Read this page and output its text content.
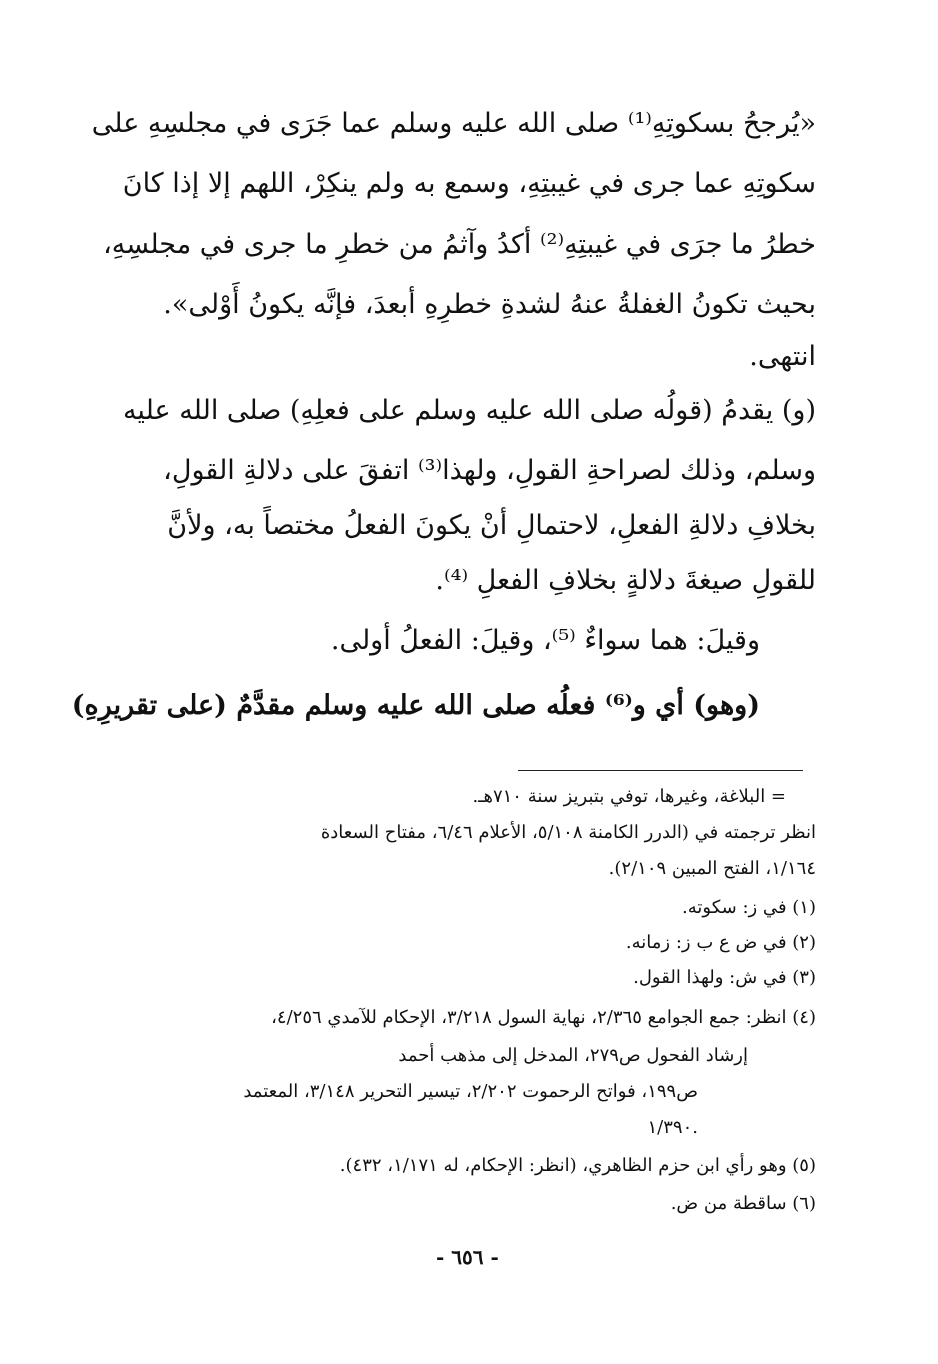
«يُرجحُ بسكوتِهِ⁽¹⁾ صلى الله عليه وسلم عما جَرَى في مجلسِهِ على
سكوتِهِ عما جرى في غيبتِهِ، وسمع به ولم ينكِرْ، اللهم إلا إذا كانَ
خطرُ ما جرَى في غيبتِهِ⁽²⁾ أكدُ وآثمُ من خطرِ ما جرى في مجلسِهِ،
بحيث تكونُ الغفلةُ عنهُ لشدةِ خطرِهِ أبعدَ، فإنَّه يكونُ أَوْلى».
انتهى.
(و) يقدمُ (قولُه صلى الله عليه وسلم على فعلِهِ) صلى الله عليه
وسلم، وذلك لصراحةِ القولِ، ولهذا⁽³⁾ اتفقَ على دلالةِ القولِ،
بخلافِ دلالةِ الفعلِ، لاحتمالِ أنْ يكونَ الفعلُ مختصاً به، ولأنَّ
للقولِ صيغةَ دلالةٍ بخلافِ الفعلِ ⁽⁴⁾.
وقيلَ: هما سواءٌ ⁽⁵⁾، وقيلَ: الفعلُ أولى.
(وهو) أي و⁽⁶⁾ فعلُه صلى الله عليه وسلم مقدَّمٌ (على تقريرِهِ)
= البلاغة، وغيرها، توفي بتبريز سنة ٧١٠هـ.
انظر ترجمته في (الدرر الكامنة ٥/١٠٨، الأعلام ٦/٤٦، مفتاح السعادة
١/١٦٤، الفتح المبين ٢/١٠٩).
(١) في ز: سكوته.
(٢) في ض ع ب ز: زمانه.
(٣) في ش: ولهذا القول.
(٤) انظر: جمع الجوامع ٢/٣٦٥، نهاية السول ٣/٢١٨، الإحكام للآمدي ٤/٢٥٦،
إرشاد الفحول ص٢٧٩، المدخل إلى مذهب أحمد
ص١٩٩، فواتح الرحموت ٢/٢٠٢، تيسير التحرير ٣/١٤٨، المعتمد
١/٣٩٠.
(٥) وهو رأي ابن حزم الظاهري، (انظر: الإحكام، له ١/١٧١، ٤٣٢).
(٦) ساقطة من ض.
- ٦٥٦ -
